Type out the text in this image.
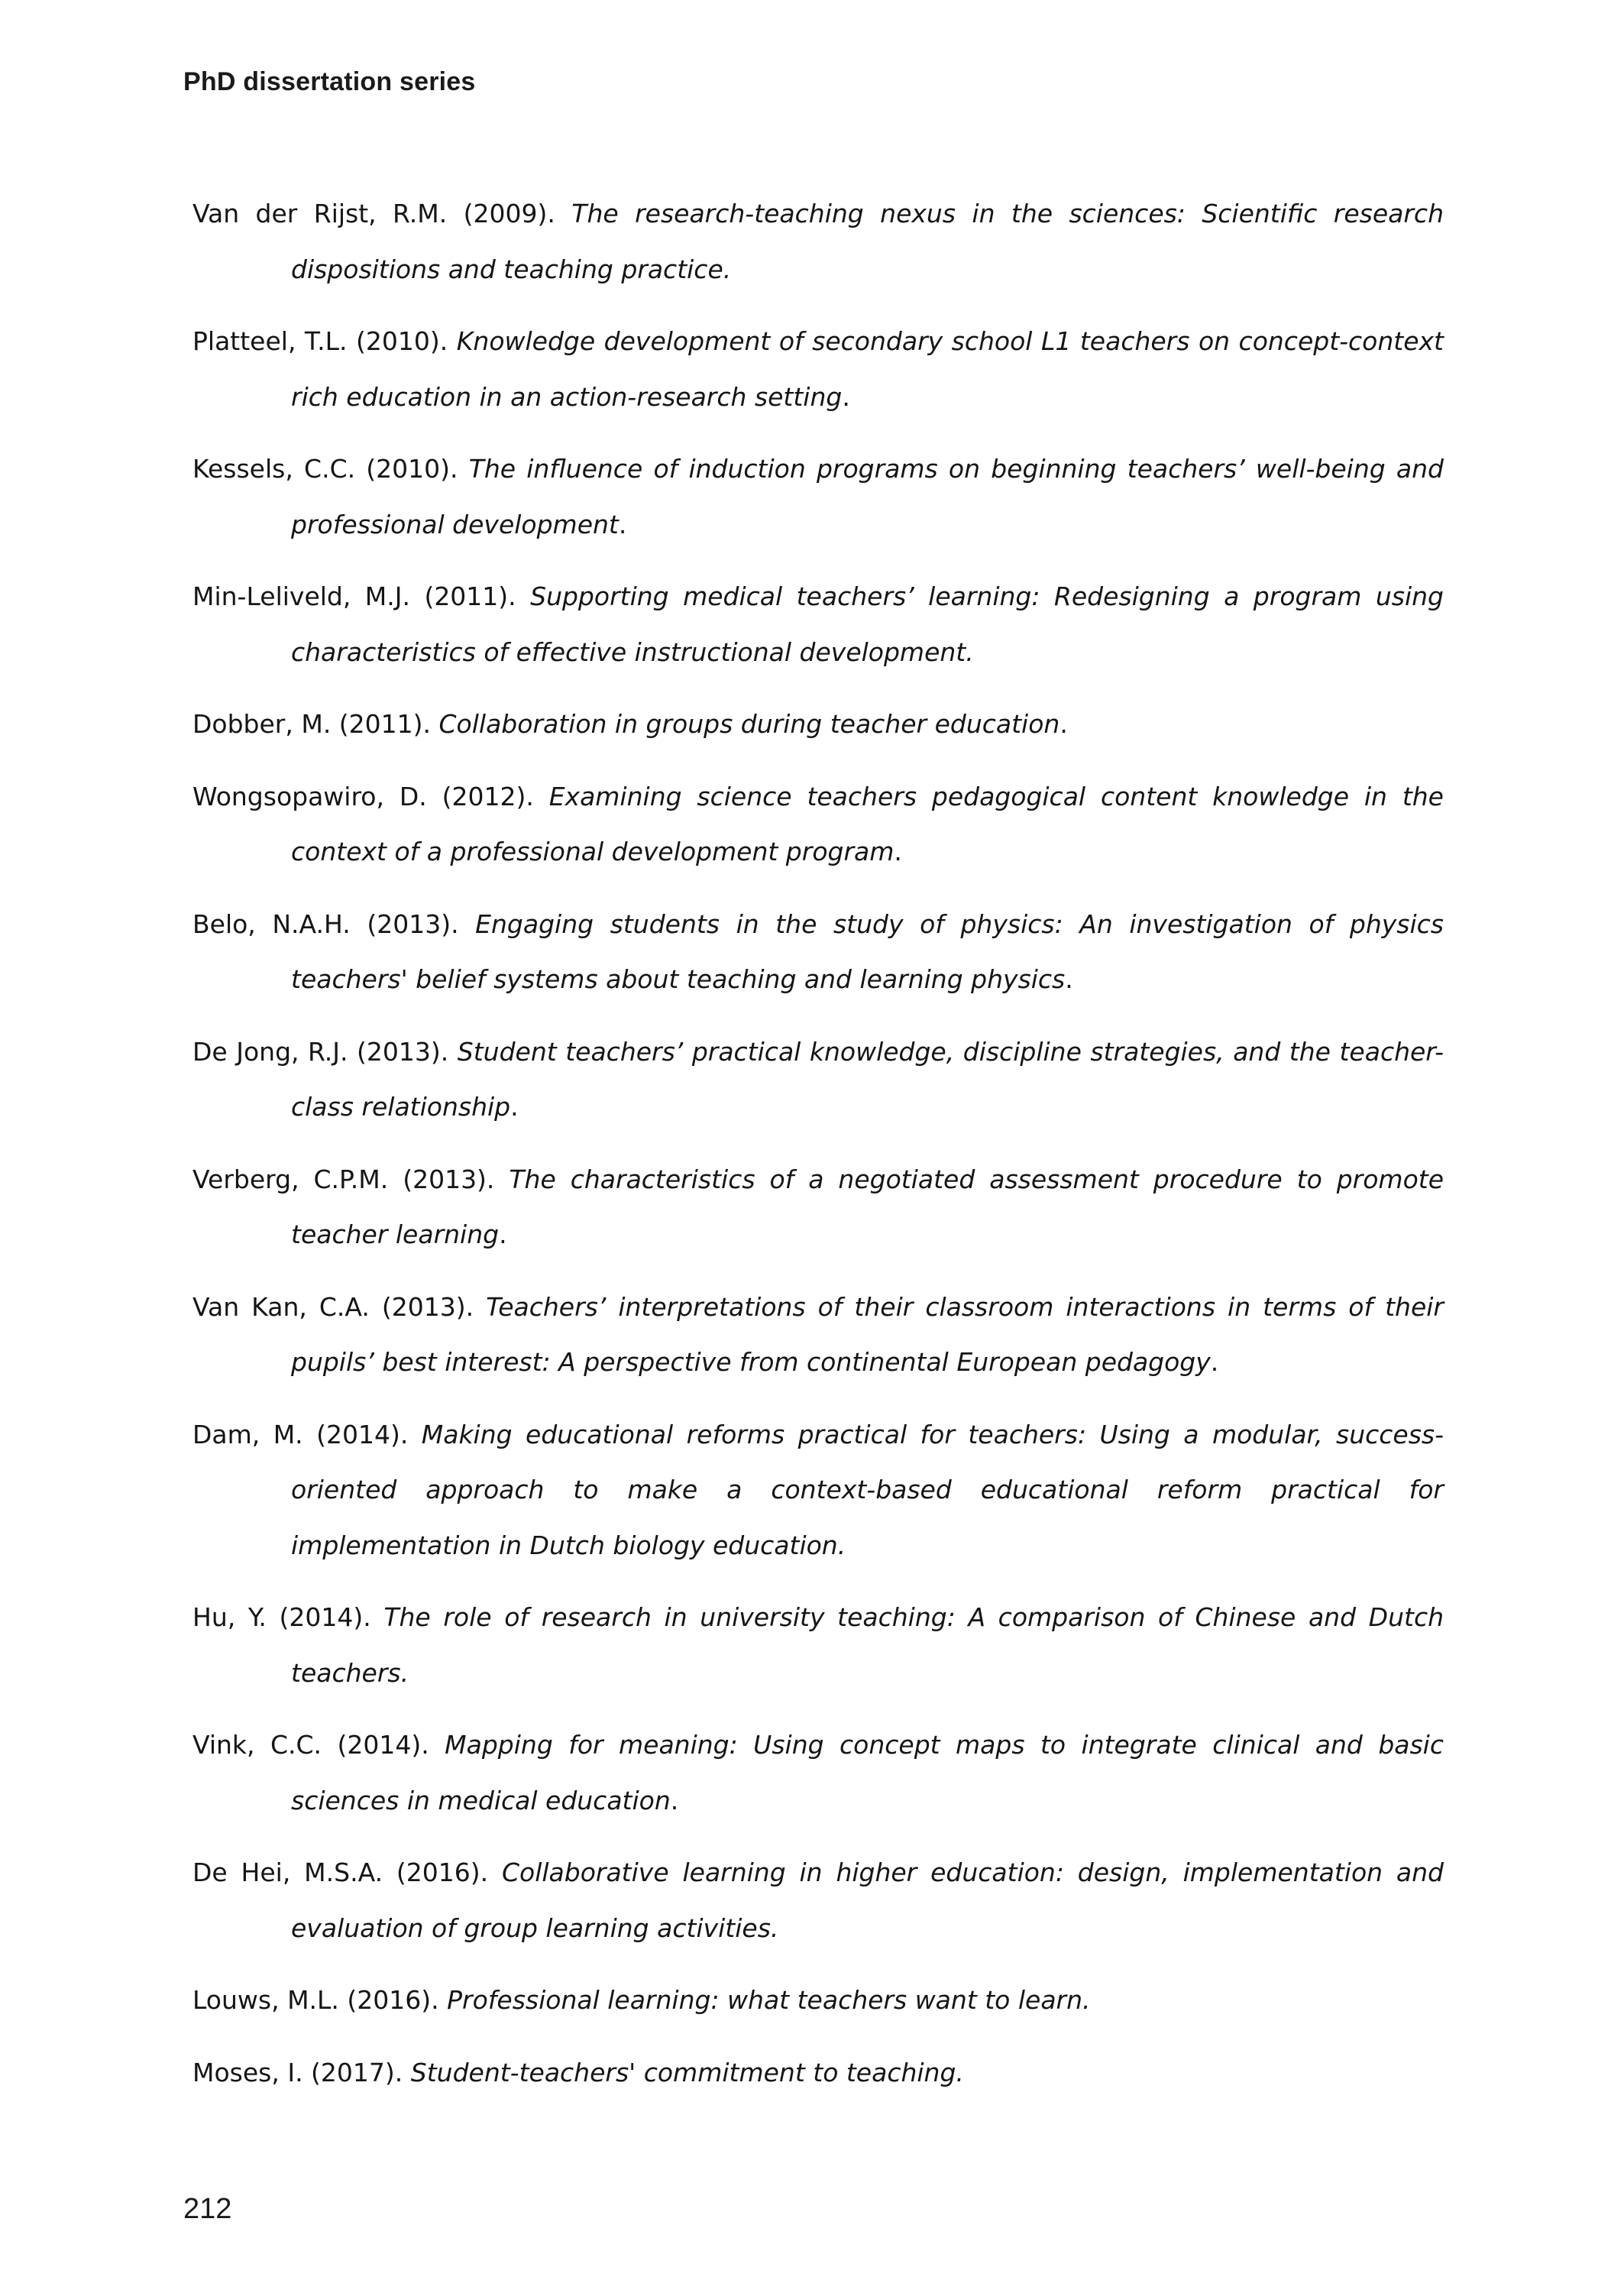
PhD dissertation series

Van der Rijst, R.M. (2009). The research-teaching nexus in the sciences: Scientific research dispositions and teaching practice.

Platteel, T.L. (2010). Knowledge development of secondary school L1 teachers on concept-context rich education in an action-research setting.

Kessels, C.C. (2010). The influence of induction programs on beginning teachers’ well-being and professional development.

Min-Leliveld, M.J. (2011). Supporting medical teachers’ learning: Redesigning a program using characteristics of effective instructional development.

Dobber, M. (2011). Collaboration in groups during teacher education.

Wongsopawiro, D. (2012). Examining science teachers pedagogical content knowledge in the context of a professional development program.

Belo, N.A.H. (2013). Engaging students in the study of physics: An investigation of physics teachers' belief systems about teaching and learning physics.

De Jong, R.J. (2013). Student teachers’ practical knowledge, discipline strategies, and the teacher-class relationship.

Verberg, C.P.M. (2013). The characteristics of a negotiated assessment procedure to promote teacher learning.

Van Kan, C.A. (2013). Teachers’ interpretations of their classroom interactions in terms of their pupils’ best interest: A perspective from continental European pedagogy.

Dam, M. (2014). Making educational reforms practical for teachers: Using a modular, success-oriented approach to make a context-based educational reform practical for implementation in Dutch biology education.

Hu, Y. (2014). The role of research in university teaching: A comparison of Chinese and Dutch teachers.

Vink, C.C. (2014). Mapping for meaning: Using concept maps to integrate clinical and basic sciences in medical education.

De Hei, M.S.A. (2016). Collaborative learning in higher education: design, implementation and evaluation of group learning activities.

Louws, M.L. (2016). Professional learning: what teachers want to learn.

Moses, I. (2017). Student-teachers' commitment to teaching.

212
